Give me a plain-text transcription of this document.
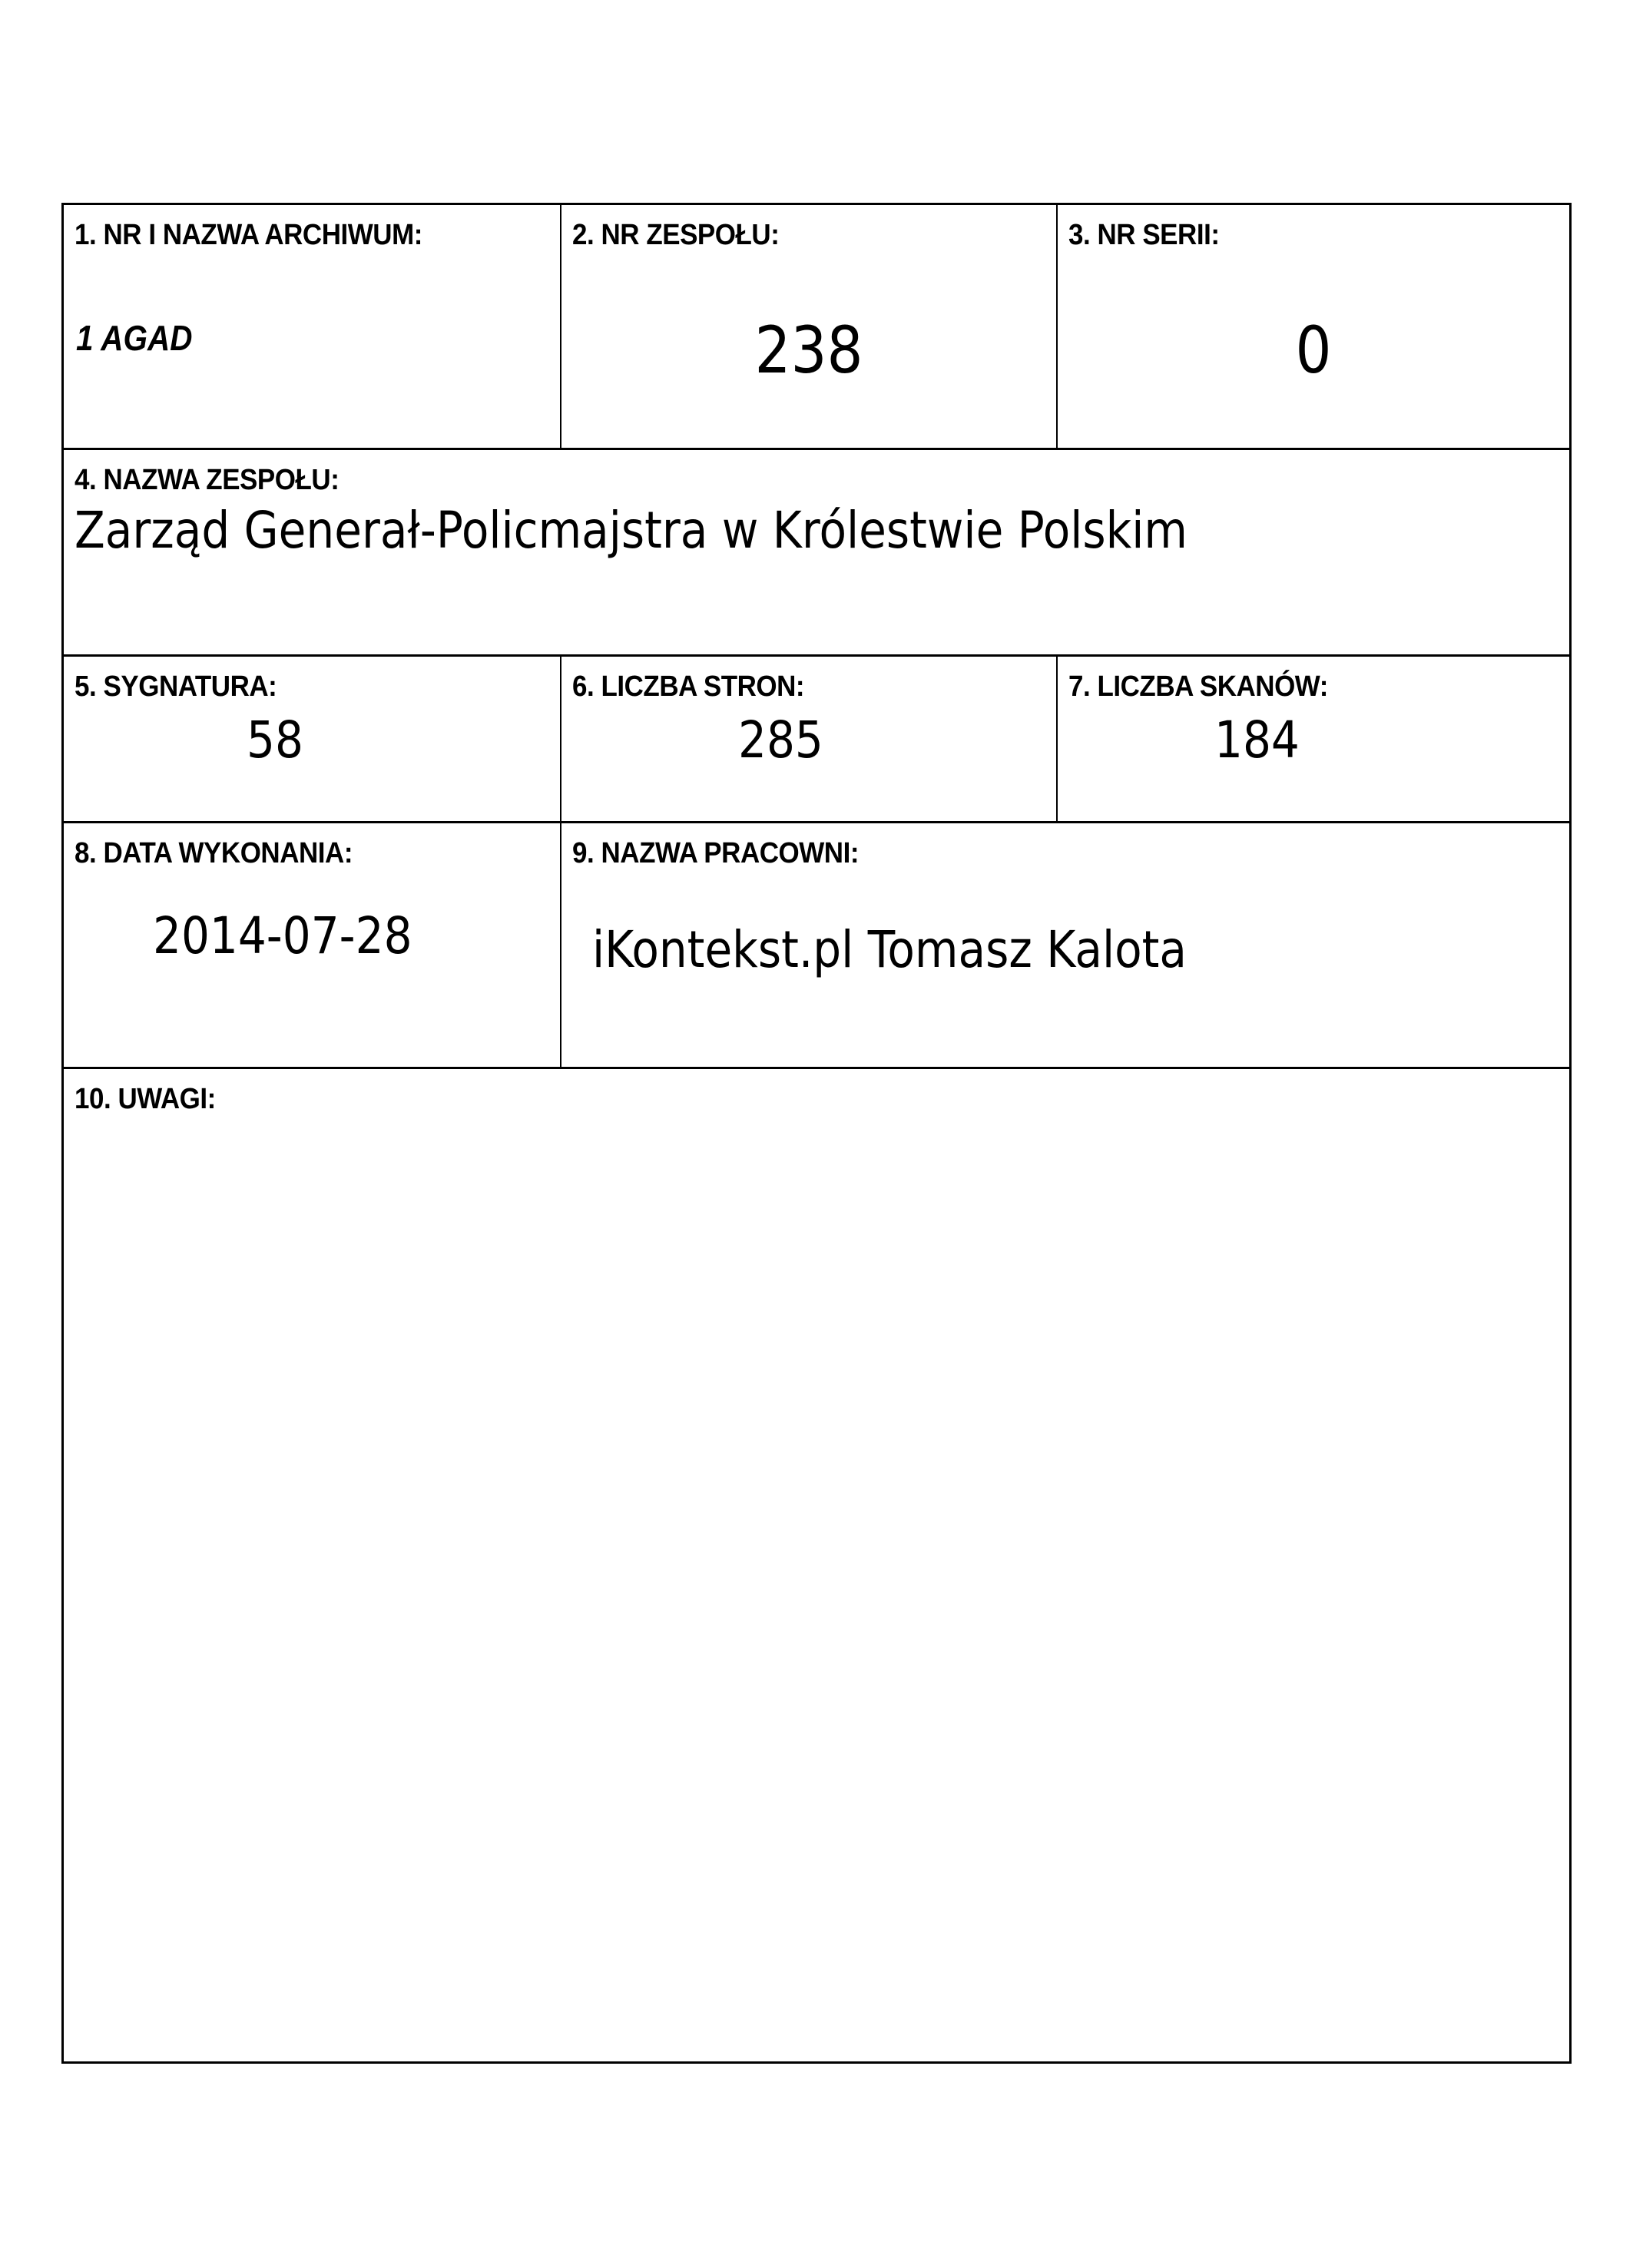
1. NR I NAZWA ARCHIWUM:
1 AGAD
2. NR ZESPOŁU:
238
3. NR SERII:
0
4. NAZWA ZESPOŁU:
Zarząd Generał-Policmajstra w Królestwie Polskim
5. SYGNATURA:
58
6. LICZBA STRON:
285
7. LICZBA SKANÓW:
184
8. DATA WYKONANIA:
2014-07-28
9. NAZWA PRACOWNI:
iKontekst.pl Tomasz Kalota
10. UWAGI:
